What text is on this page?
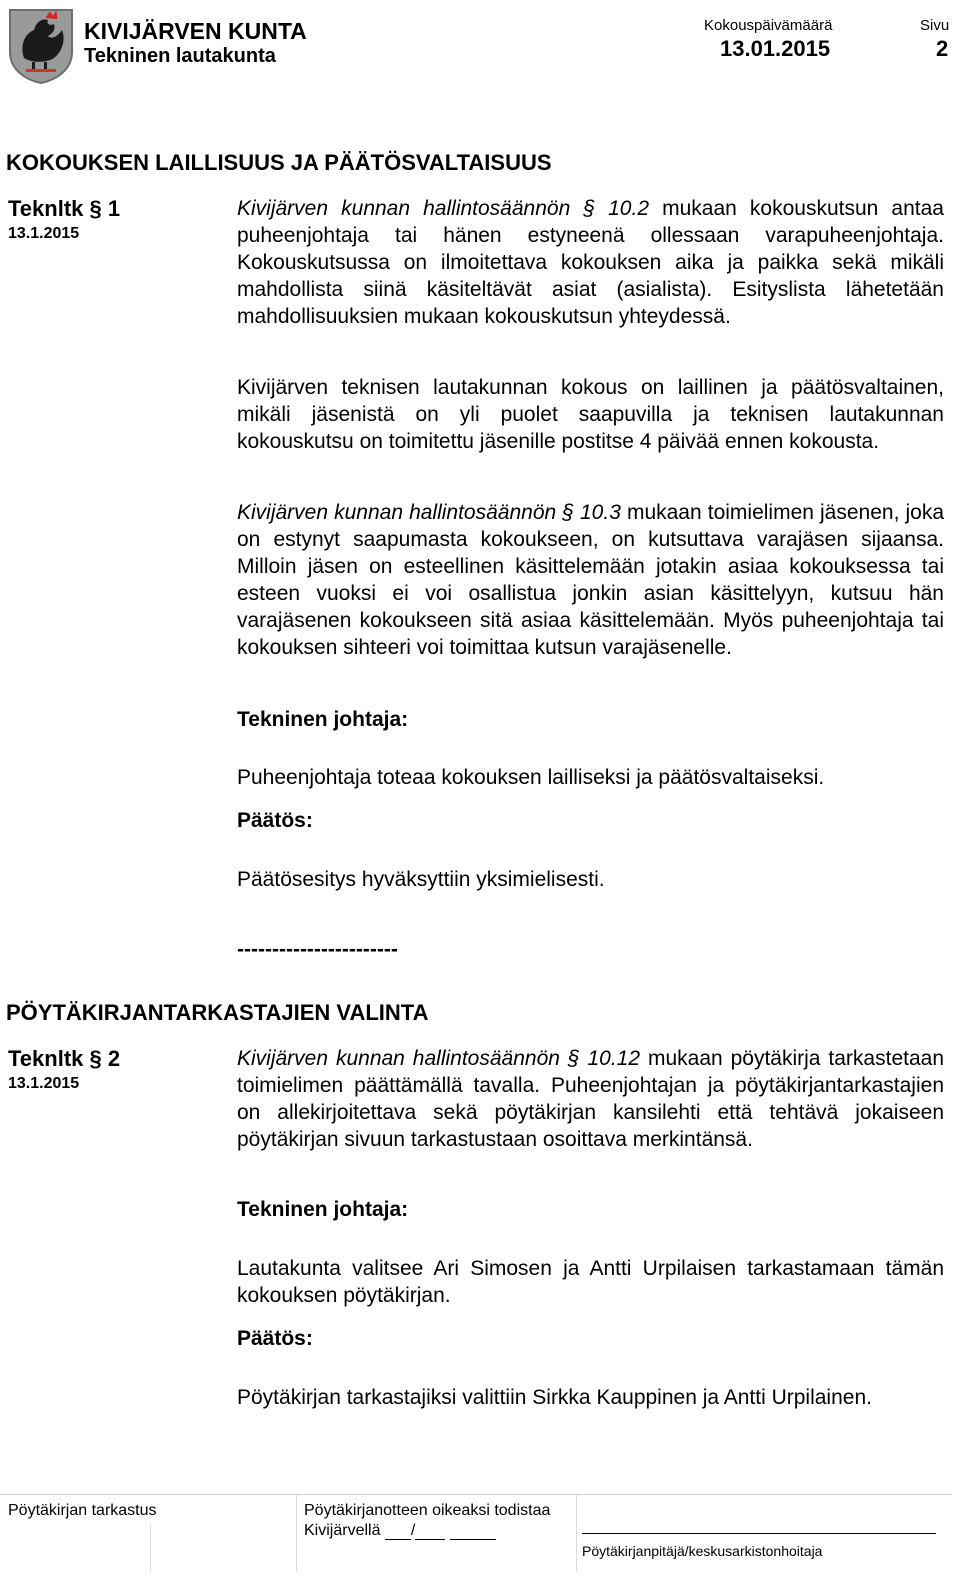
KIVIJÄRVEN KUNTA
Tekninen lautakunta
Kokouspäivämäärä
13.01.2015
Sivu
2
KOKOUKSEN LAILLISUUS JA PÄÄTÖSVALTAISUUS
Teknltk § 1
13.1.2015

Kivijärven kunnan hallintosäännön § 10.2 mukaan kokouskutsun antaa puheenjohtaja tai hänen estyneenä ollessaan varapuheenjohtaja. Kokouskutsussa on ilmoitettava kokouksen aika ja paikka sekä mikäli mahdollista siinä käsiteltävät asiat (asialista). Esityslista lähetetään mahdollisuuksien mukaan kokouskutsun yhteydessä.

Kivijärven teknisen lautakunnan kokous on laillinen ja päätösvaltainen, mikäli jäsenistä on yli puolet saapuvilla ja teknisen lautakunnan kokouskutsu on toimitettu jäsenille postitse 4 päivää ennen kokousta.

Kivijärven kunnan hallintosäännön § 10.3 mukaan toimielimen jäsenen, joka on estynyt saapumasta kokoukseen, on kutsuttava varajäsen sijaansa. Milloin jäsen on esteellinen käsittelemään jotakin asiaa kokouksessa tai esteen vuoksi ei voi osallistua jonkin asian käsittelyyn, kutsuu hän varajäsenen kokoukseen sitä asiaa käsittelemään. Myös puheenjohtaja tai kokouksen sihteeri voi toimittaa kutsun varajäsenelle.

Tekninen johtaja:
Puheenjohtaja toteaa kokouksen lailliseksi ja päätösvaltaiseksi.
Päätös:
Päätösesitys hyväksyttiin yksimielisesti.
-----------------------
PÖYTÄKIRJANTARKASTAJIEN VALINTA
Teknltk § 2
13.1.2015

Kivijärven kunnan hallintosäännön § 10.12 mukaan pöytäkirja tarkastetaan toimielimen päättämällä tavalla. Puheenjohtajan ja pöytäkirjantarkastajien on allekirjoitettava sekä pöytäkirjan kansilehti että tehtävä jokaiseen pöytäkirjan sivuun tarkastustaan osoittava merkintänsä.

Tekninen johtaja:

Lautakunta valitsee Ari Simosen ja Antti Urpilaisen tarkastamaan tämän kokouksen pöytäkirjan.

Päätös:

Pöytäkirjan tarkastajiksi valittiin Sirkka Kauppinen ja Antti Urpilainen.

Pöytäkirjan tarkastus	Pöytäkirjanotteen oikeaksi todistaa
Kivijärvellä /
Pöytäkirjanpitäjä/keskusarkistonhoitaja
